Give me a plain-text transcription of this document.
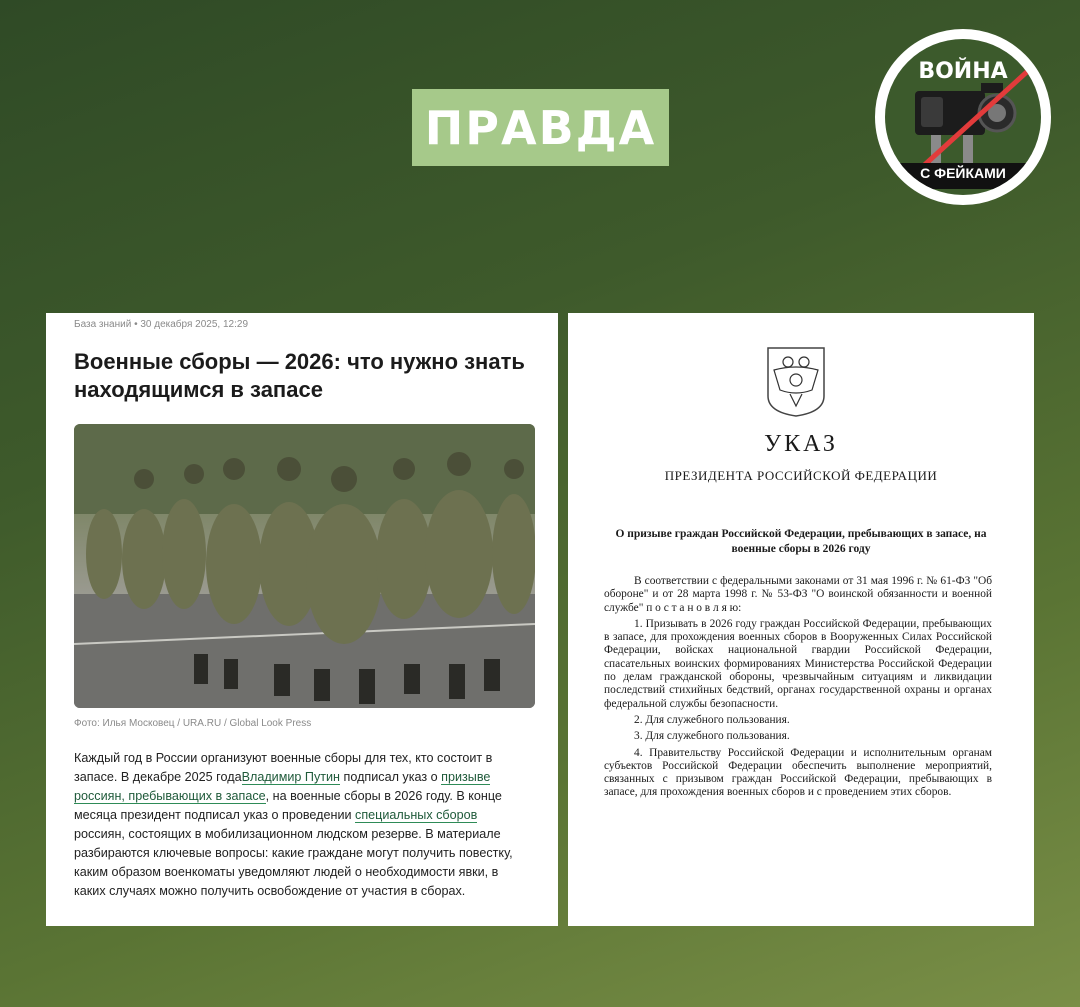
ПРАВДА
ВОЙНА
С ФЕЙКАМИ
База знаний • 30 декабря 2025, 12:29
Военные сборы — 2026: что нужно знать находящимся в запасе
Фото: Илья Московец / URA.RU / Global Look Press
Каждый год в России организуют военные сборы для тех, кто состоит в запасе. В декабре 2025 годаВладимир Путин подписал указ о призыве россиян, пребывающих в запасе, на военные сборы в 2026 году. В конце месяца президент подписал указ о проведении специальных сборов россиян, состоящих в мобилизационном людском резерве. В материале разбираются ключевые вопросы: какие граждане могут получить повестку, каким образом военкоматы уведомляют людей о необходимости явки, в каких случаях можно получить освобождение от участия в сборах.
УКАЗ
ПРЕЗИДЕНТА РОССИЙСКОЙ ФЕДЕРАЦИИ
О призыве граждан Российской Федерации, пребывающих в запасе, на военные сборы в 2026 году

В соответствии с федеральными законами от 31 мая 1996 г. № 61-ФЗ "Об обороне" и от 28 марта 1998 г. № 53-ФЗ "О воинской обязанности и военной службе" п о с т а н о в л я ю:

1. Призывать в 2026 году граждан Российской Федерации, пребывающих в запасе, для прохождения военных сборов в Вооруженных Силах Российской Федерации, войсках национальной гвардии Российской Федерации, спасательных воинских формированиях Министерства Российской Федерации по делам гражданской обороны, чрезвычайным ситуациям и ликвидации последствий стихийных бедствий, органах государственной охраны и органах федеральной службы безопасности.

2. Для служебного пользования.

3. Для служебного пользования.

4. Правительству Российской Федерации и исполнительным органам субъектов Российской Федерации обеспечить выполнение мероприятий, связанных с призывом граждан Российской Федерации, пребывающих в запасе, для прохождения военных сборов и с проведением этих сборов.
